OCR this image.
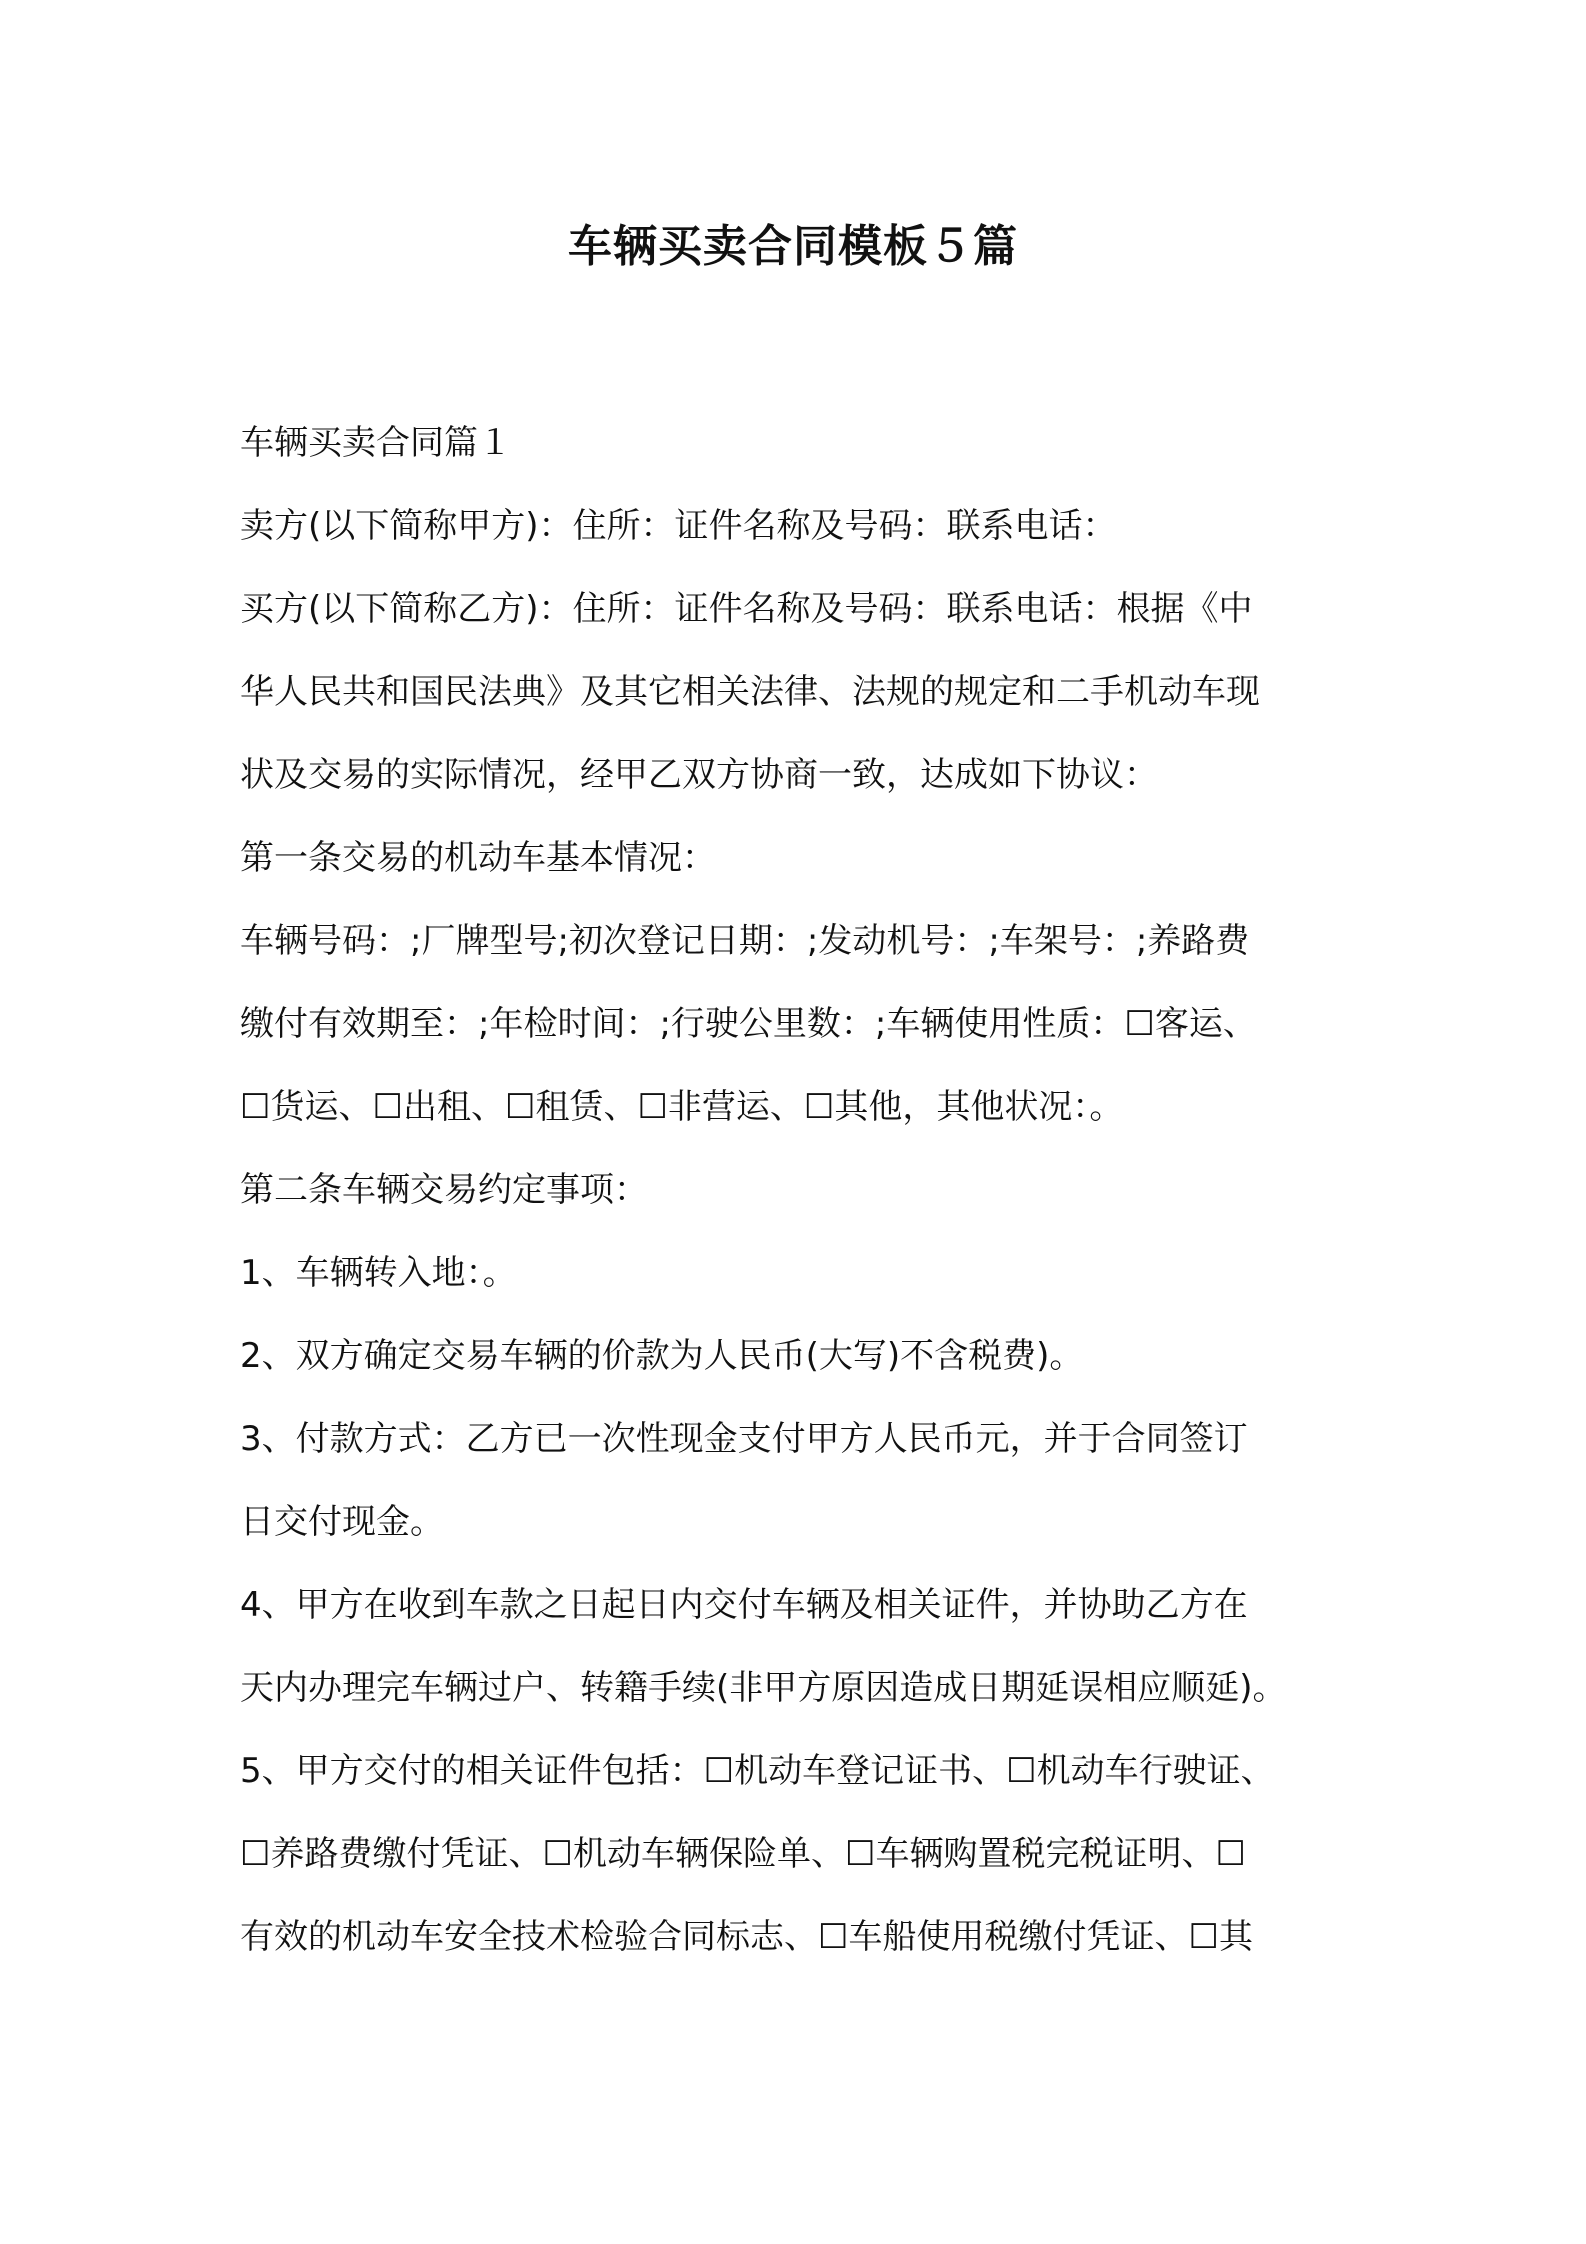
车辆买卖合同模板５篇
车辆买卖合同篇１
卖方(以下简称甲方)：住所：证件名称及号码：联系电话：
买方(以下简称乙方)：住所：证件名称及号码：联系电话：根据《中
华人民共和国民法典》及其它相关法律、法规的规定和二手机动车现
状及交易的实际情况，经甲乙双方协商一致，达成如下协议：
第一条交易的机动车基本情况：
车辆号码：;厂牌型号;初次登记日期：;发动机号：;车架号：;养路费
缴付有效期至：;年检时间：;行驶公里数：;车辆使用性质：☐客运、
☐货运、☐出租、☐租赁、☐非营运、☐其他，其他状况：。
第二条车辆交易约定事项：
1、车辆转入地：。
2、双方确定交易车辆的价款为人民币(大写)不含税费)。
3、付款方式：乙方已一次性现金支付甲方人民币元，并于合同签订
日交付现金。
4、甲方在收到车款之日起日内交付车辆及相关证件，并协助乙方在
天内办理完车辆过户、转籍手续(非甲方原因造成日期延误相应顺延)。
5、甲方交付的相关证件包括：☐机动车登记证书、☐机动车行驶证、
☐养路费缴付凭证、☐机动车辆保险单、☐车辆购置税完税证明、☐
有效的机动车安全技术检验合同标志、☐车船使用税缴付凭证、☐其
